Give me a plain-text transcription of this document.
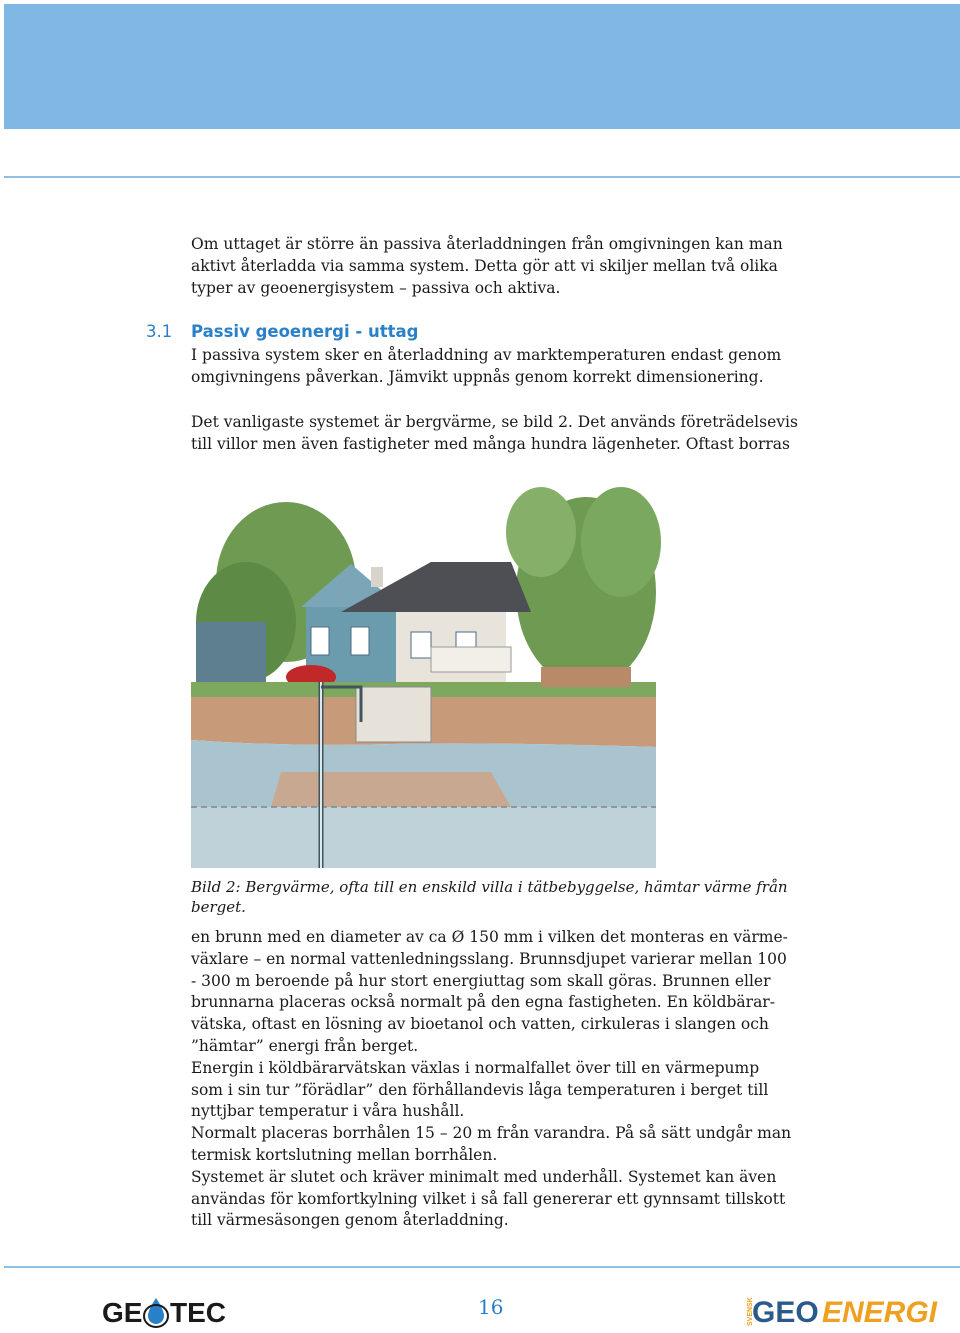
Om uttaget är större än passiva återladdningen från omgivningen kan man
aktivt återladda via samma system. Detta gör att vi skiljer mellan två olika
typer av geoenergisystem – passiva och aktiva.

3.1 Passiv geoenergi - uttag

I passiva system sker en återladdning av marktemperaturen endast genom
omgivningens påverkan. Jämvikt uppnås genom korrekt dimensionering.

Det vanligaste systemet är bergvärme, se bild 2. Det används företrädelsevis
till villor men även fastigheter med många hundra lägenheter. Oftast borras

Bild 2: Bergvärme, ofta till en enskild villa i tätbebyggelse, hämtar värme från
berget.

en brunn med en diameter av ca Ø 150 mm i vilken det monteras en värme-
växlare – en normal vattenledningsslang. Brunnsdjupet varierar mellan 100
- 300 m beroende på hur stort energiuttag som skall göras. Brunnen eller
brunnarna placeras också normalt på den egna fastigheten. En köldbärar-
vätska, oftast en lösning av bioetanol och vatten, cirkuleras i slangen och
”hämtar” energi från berget.
Energin i köldbärarvätskan växlas i normalfallet över till en värmepump
som i sin tur ”förädlar” den förhållandevis låga temperaturen i berget till
nyttjbar temperatur i våra hushåll.
Normalt placeras borrhålen 15 – 20 m från varandra. På så sätt undgår man
termisk kortslutning mellan borrhålen.
Systemet är slutet och kräver minimalt med underhåll. Systemet kan även
användas för komfortkylning vilket i så fall genererar ett gynnsamt tillskott
till värmesäsongen genom återladdning.

GE TEC	16	SVENSK
GEO ENERGI
